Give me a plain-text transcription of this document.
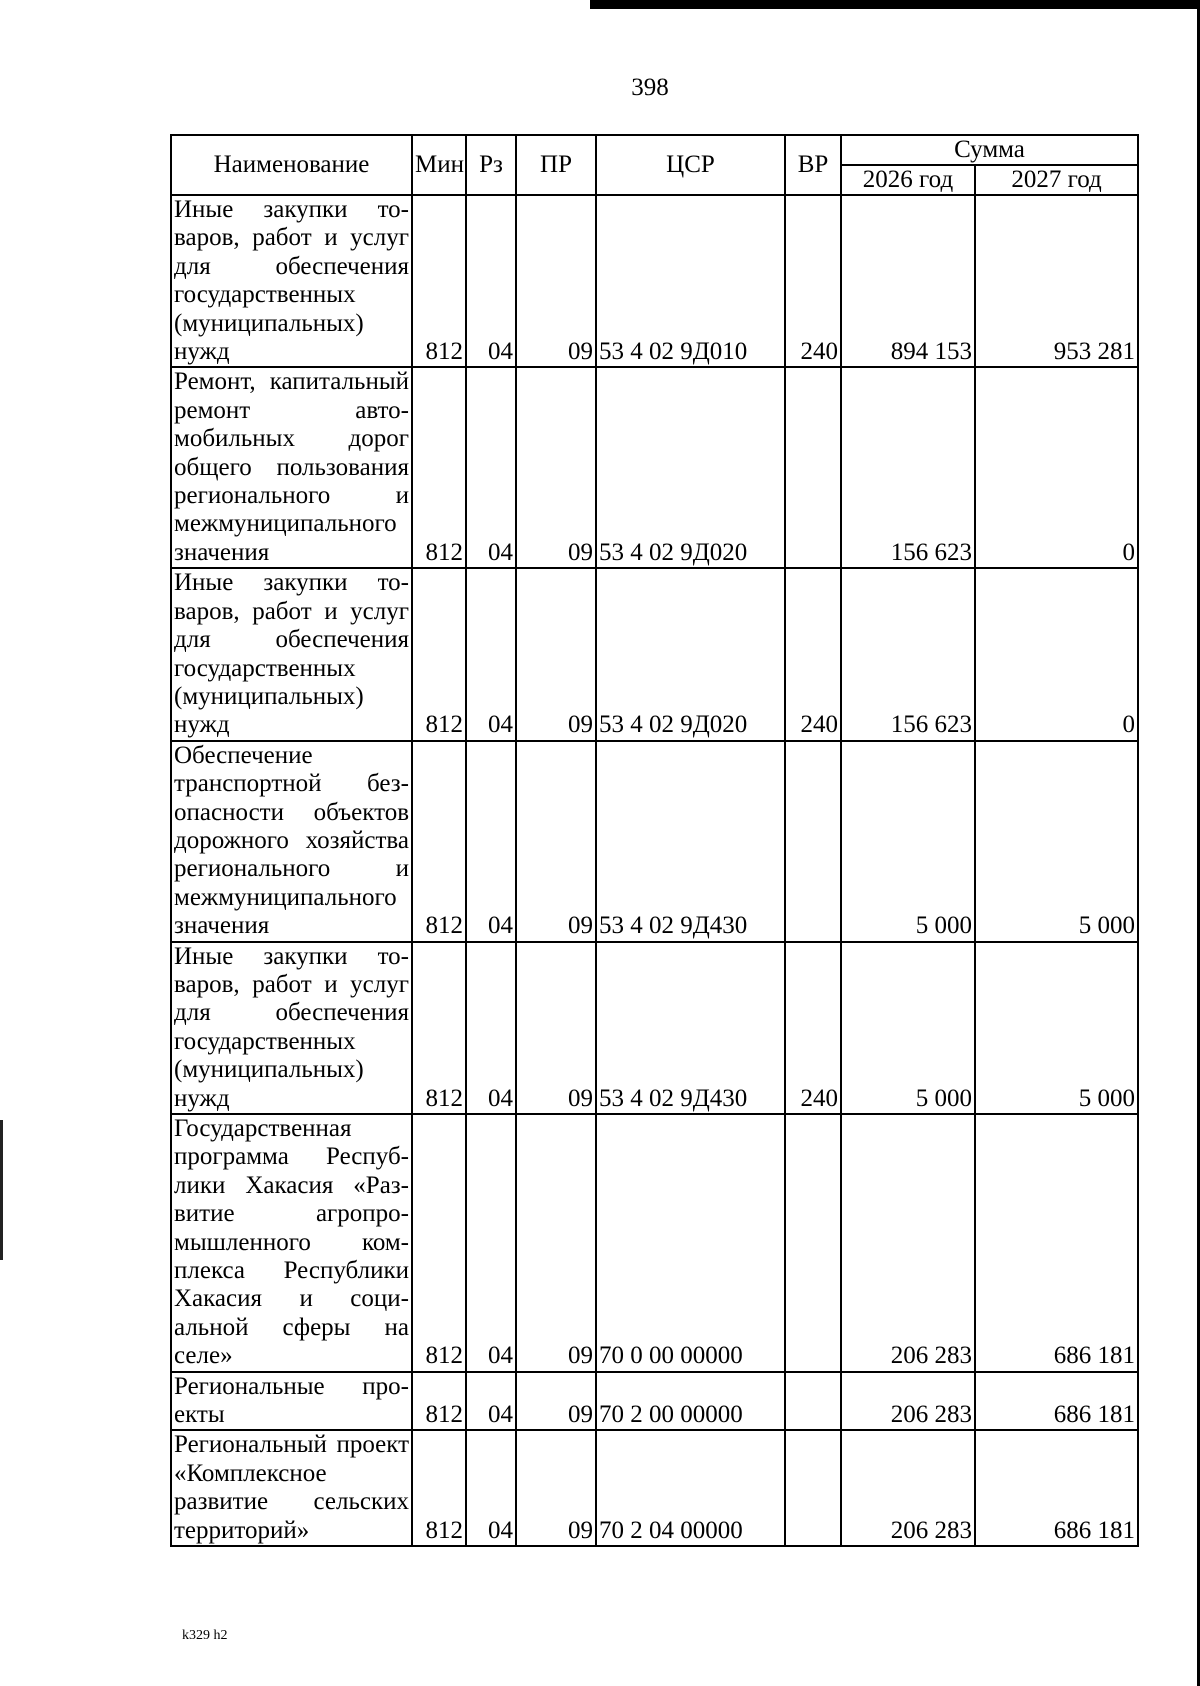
398
Наименование	Мин	Рз	ПР	ЦСР	ВР	Сумма	
						2026 год	2027 год
Иные закупки товаров, работ и услуг для обеспечения государственных (муниципальных) нужд	812	04	09	53 4 02 9Д010	240	894 153	953 281
Ремонт, капитальный ремонт автомобильных дорог общего пользования регионального и межмуниципального значения	812	04	09	53 4 02 9Д020		156 623	0
Иные закупки товаров, работ и услуг для обеспечения государственных (муниципальных) нужд	812	04	09	53 4 02 9Д020	240	156 623	0
Обеспечение транспортной безопасности объектов дорожного хозяйства регионального и межмуниципального значения	812	04	09	53 4 02 9Д430		5 000	5 000
Иные закупки товаров, работ и услуг для обеспечения государственных (муниципальных) нужд	812	04	09	53 4 02 9Д430	240	5 000	5 000
Государственная программа Республики Хакасия «Развитие агропромышленного комплекса Республики Хакасия и социальной сферы на селе»	812	04	09	70 0 00 00000		206 283	686 181
Региональные проекты	812	04	09	70 2 00 00000		206 283	686 181
Региональный проект «Комплексное развитие сельских территорий»	812	04	09	70 2 04 00000		206 283	686 181
k329 h2
